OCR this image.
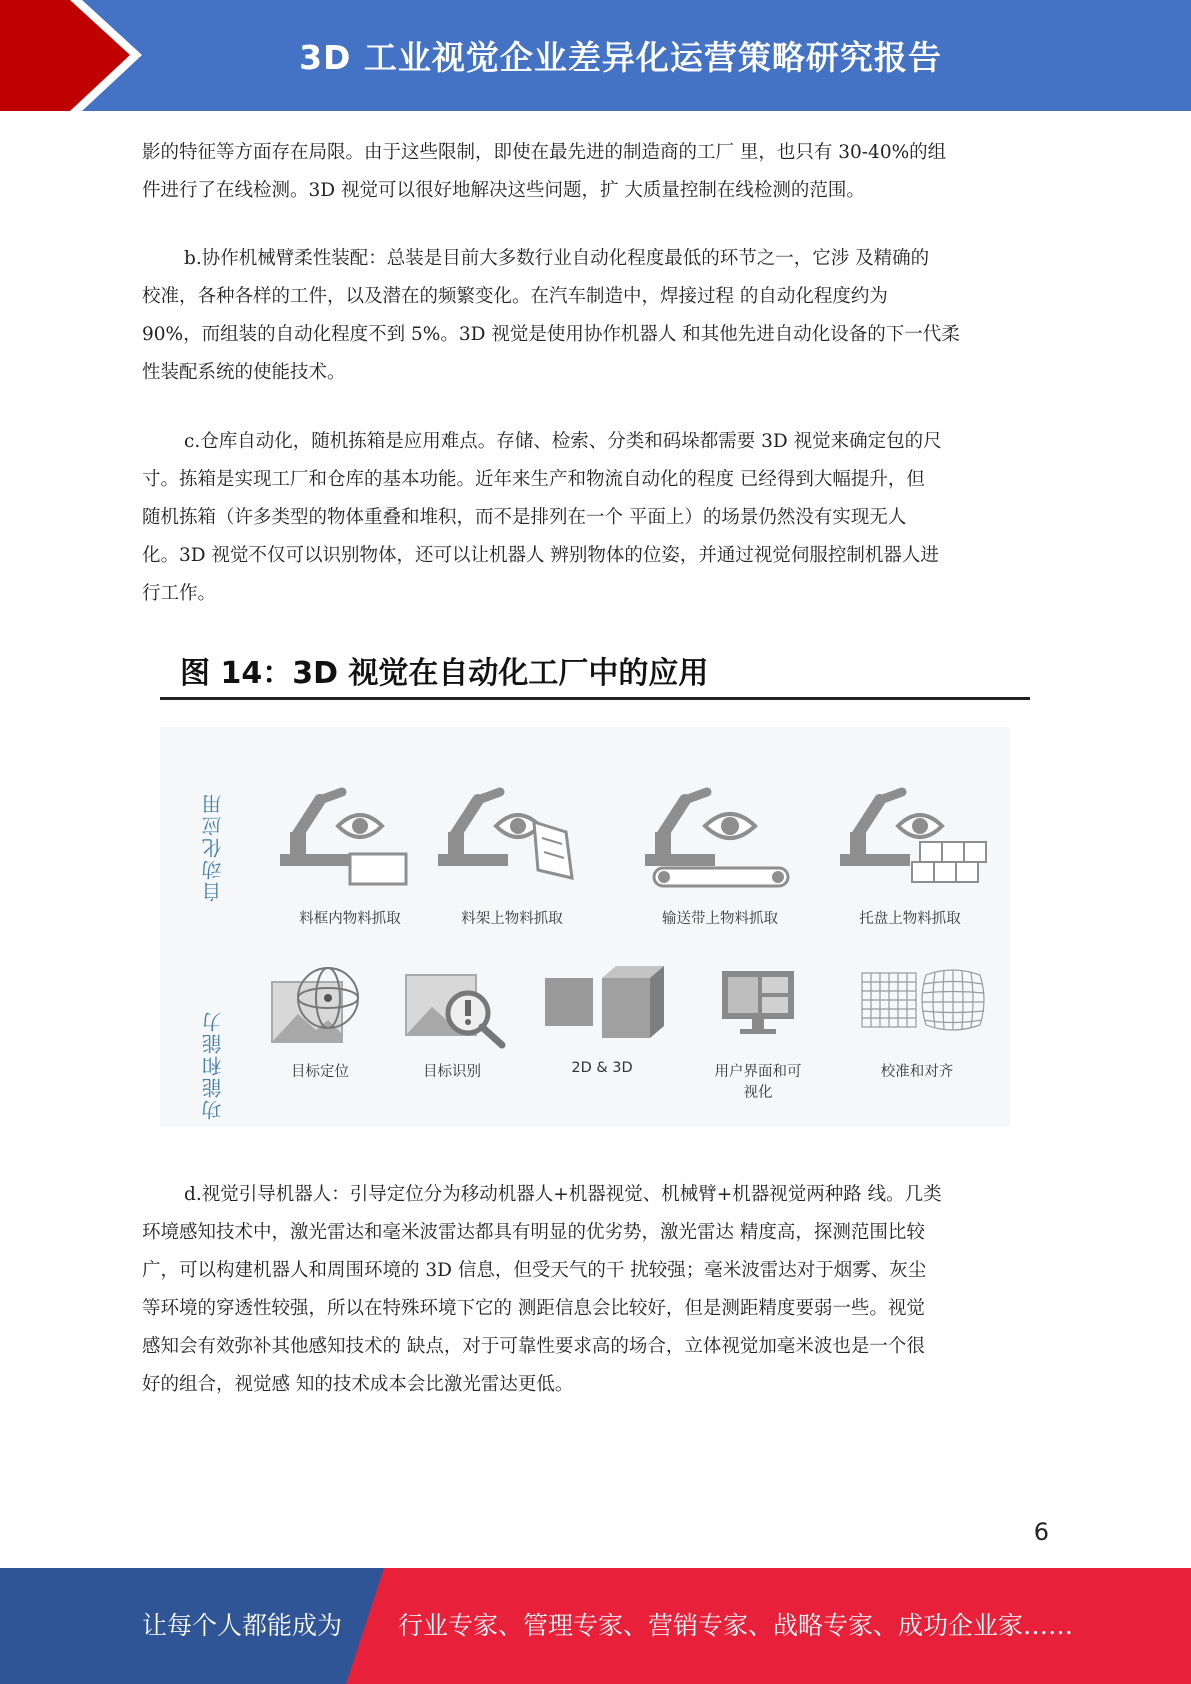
3D 工业视觉企业差异化运营策略研究报告

影的特征等方面存在局限。由于这些限制，即使在最先进的制造商的工厂 里，也只有 30-40%的组
件进行了在线检测。3D 视觉可以很好地解决这些问题，扩 大质量控制在线检测的范围。

b.协作机械臂柔性装配：总装是目前大多数行业自动化程度最低的环节之一，它涉 及精确的
校准，各种各样的工件，以及潜在的频繁变化。在汽车制造中，焊接过程 的自动化程度约为
90%，而组装的自动化程度不到 5%。3D 视觉是使用协作机器人 和其他先进自动化设备的下一代柔
性装配系统的使能技术。

c.仓库自动化，随机拣箱是应用难点。存储、检索、分类和码垛都需要 3D 视觉来确定包的尺
寸。拣箱是实现工厂和仓库的基本功能。近年来生产和物流自动化的程度 已经得到大幅提升，但
随机拣箱（许多类型的物体重叠和堆积，而不是排列在一个 平面上）的场景仍然没有实现无人
化。3D 视觉不仅可以识别物体，还可以让机器人 辨别物体的位姿，并通过视觉伺服控制机器人进
行工作。

图 14：3D 视觉在自动化工厂中的应用
自动化应用
功能和能力
料框内物料抓取	料架上物料抓取	输送带上物料抓取	托盘上物料抓取
目标定位	目标识别	2D & 3D	用户界面和可视化
校准和对齐

d.视觉引导机器人：引导定位分为移动机器人+机器视觉、机械臂+机器视觉两种路 线。几类
环境感知技术中，激光雷达和毫米波雷达都具有明显的优劣势，激光雷达 精度高，探测范围比较
广，可以构建机器人和周围环境的 3D 信息，但受天气的干 扰较强；毫米波雷达对于烟雾、灰尘
等环境的穿透性较强，所以在特殊环境下它的 测距信息会比较好，但是测距精度要弱一些。视觉
感知会有效弥补其他感知技术的 缺点，对于可靠性要求高的场合，立体视觉加毫米波也是一个很
好的组合，视觉感 知的技术成本会比激光雷达更低。

6
让每个人都能成为 行业专家、管理专家、营销专家、战略专家、成功企业家……
